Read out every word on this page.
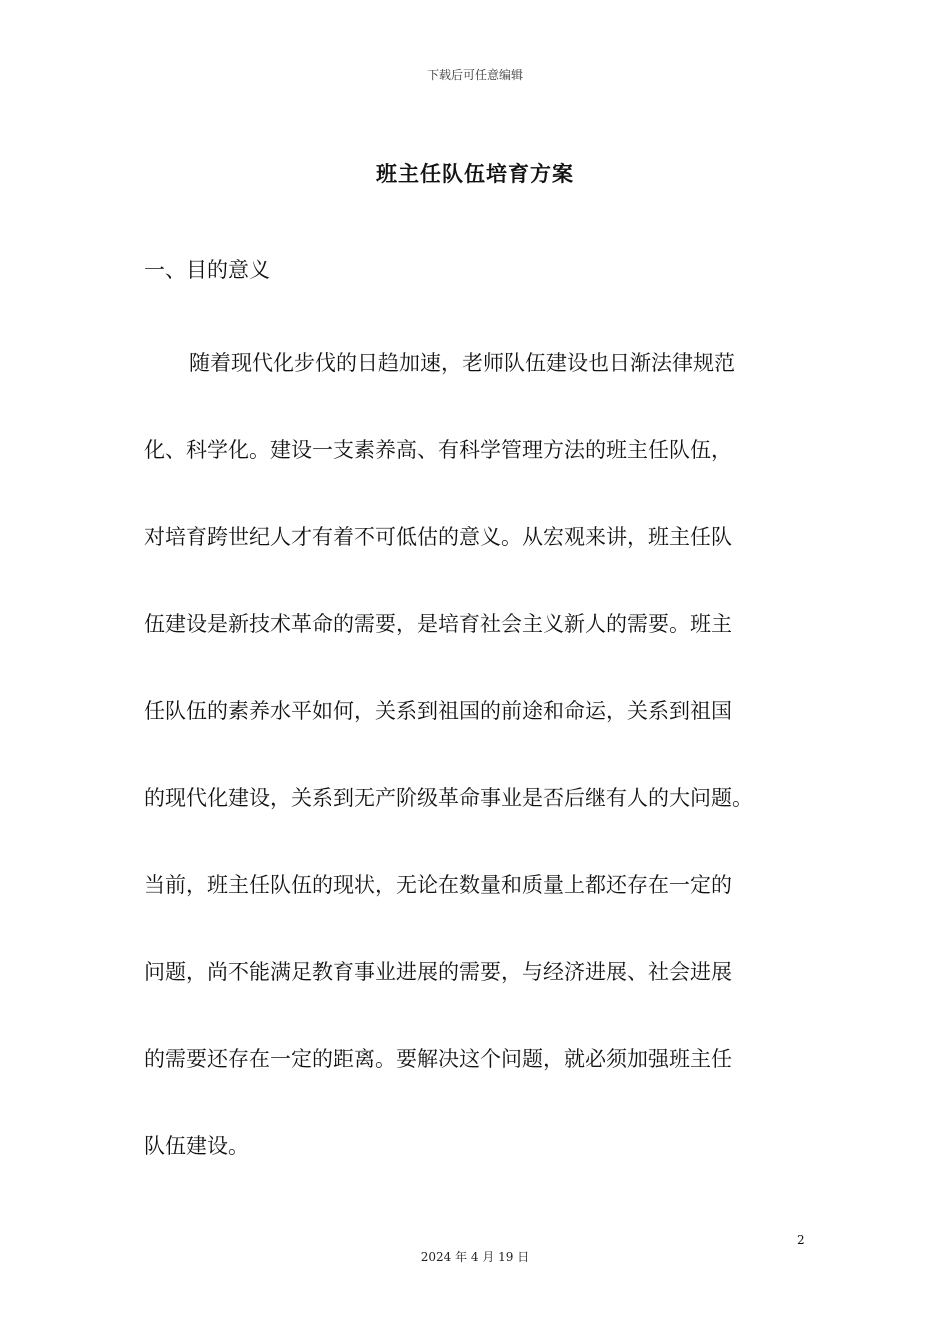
下载后可任意编辑
班主任队伍培育方案
一、目的意义
随着现代化步伐的日趋加速，老师队伍建设也日渐法律规范
化、科学化。建设一支素养高、有科学管理方法的班主任队伍，
对培育跨世纪人才有着不可低估的意义。从宏观来讲，班主任队
伍建设是新技术革命的需要，是培育社会主义新人的需要。班主
任队伍的素养水平如何，关系到祖国的前途和命运，关系到祖国
的现代化建设，关系到无产阶级革命事业是否后继有人的大问题。
当前，班主任队伍的现状，无论在数量和质量上都还存在一定的
问题，尚不能满足教育事业进展的需要，与经济进展、社会进展
的需要还存在一定的距离。要解决这个问题，就必须加强班主任
队伍建设。
2
2024 年 4 月 19 日
